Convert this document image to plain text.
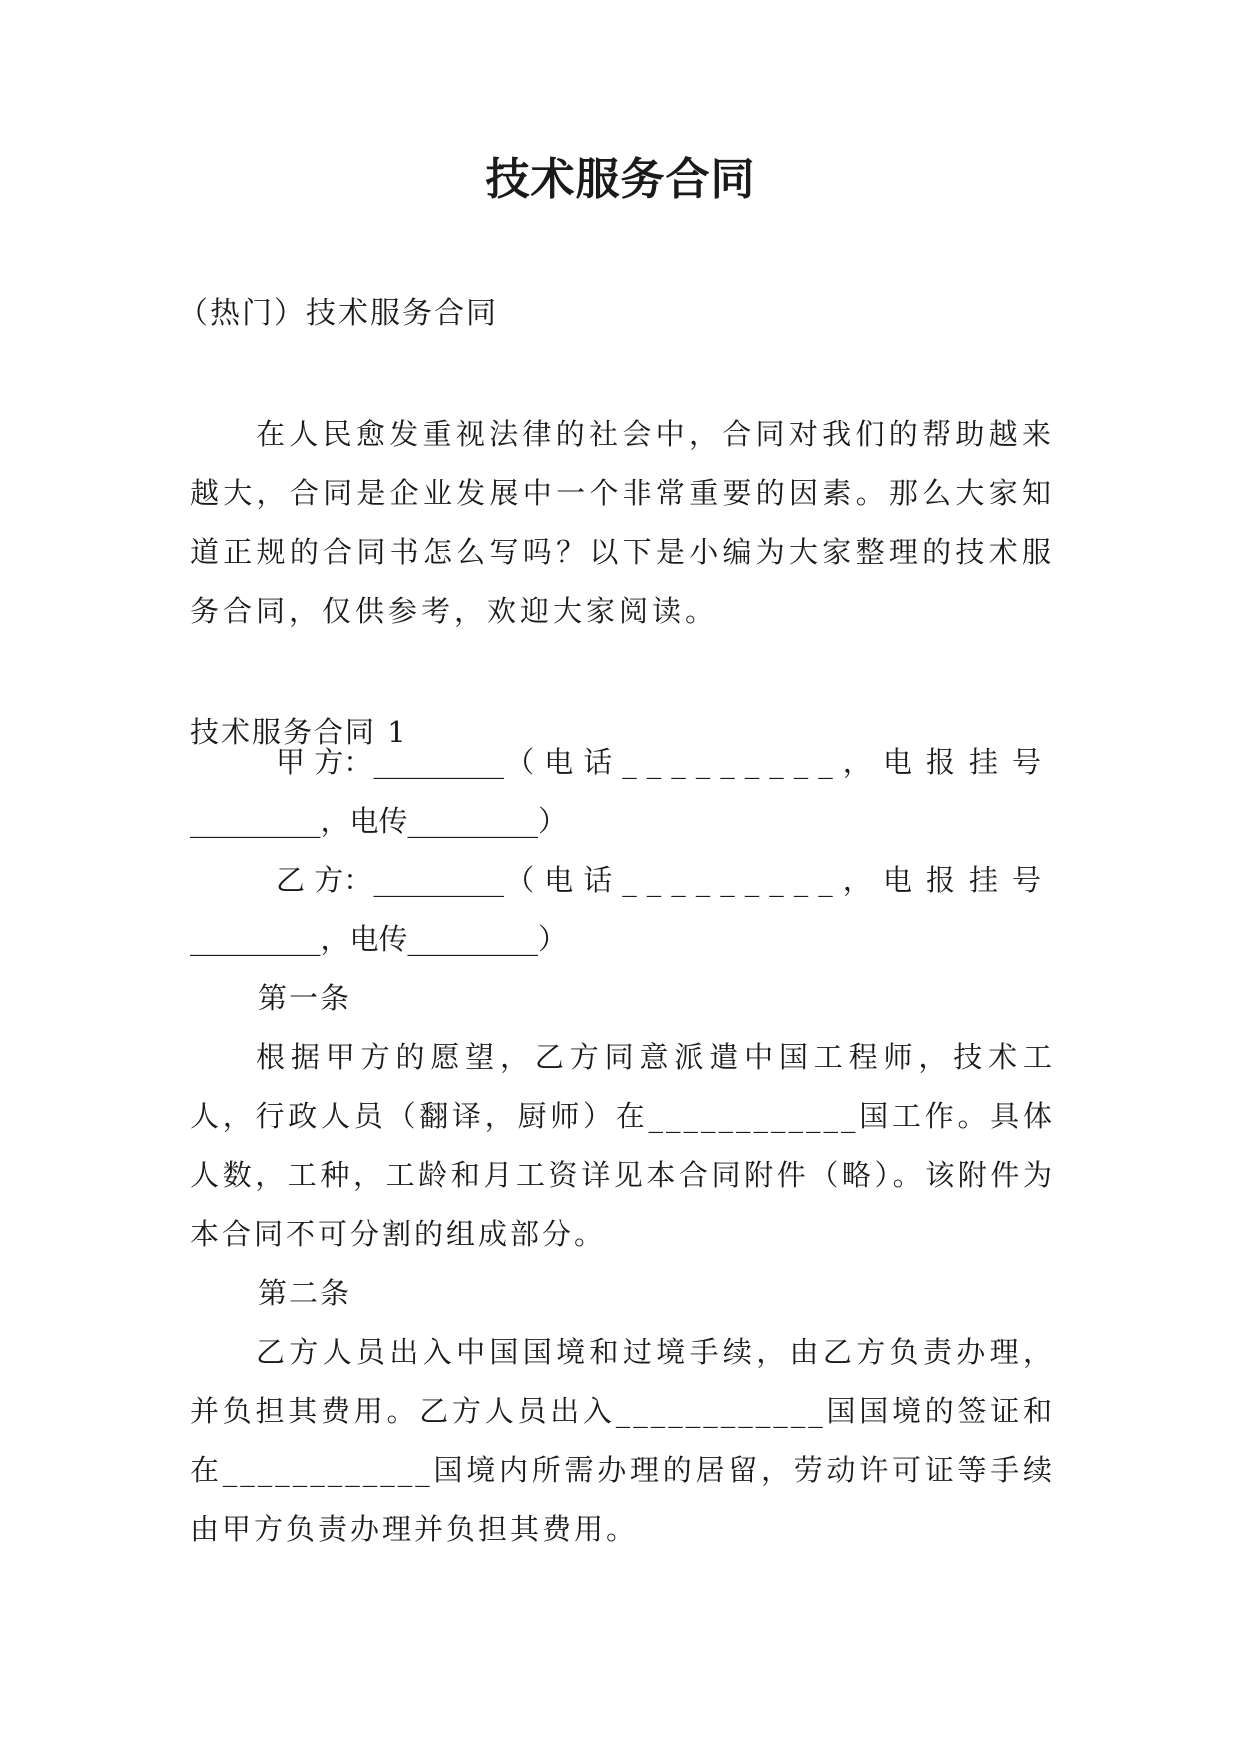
技术服务合同
（热门）技术服务合同
在人民愈发重视法律的社会中，合同对我们的帮助越来越大，合同是企业发展中一个非常重要的因素。那么大家知道正规的合同书怎么写吗？以下是小编为大家整理的技术服务合同，仅供参考，欢迎大家阅读。
技术服务合同 1
甲 方： _________ （电话_________， 电报挂号
_________，电传_________）
乙 方： _________ （电话_________， 电报挂号
_________，电传_________）
第一条
根据甲方的愿望，乙方同意派遣中国工程师，技术工人，行政人员（翻译，厨师）在____________国工作。具体人数，工种，工龄和月工资详见本合同附件（略）。该附件为本合同不可分割的组成部分。
第二条
乙方人员出入中国国境和过境手续，由乙方负责办理，并负担其费用。乙方人员出入____________国国境的签证和在____________国境内所需办理的居留，劳动许可证等手续由甲方负责办理并负担其费用。
